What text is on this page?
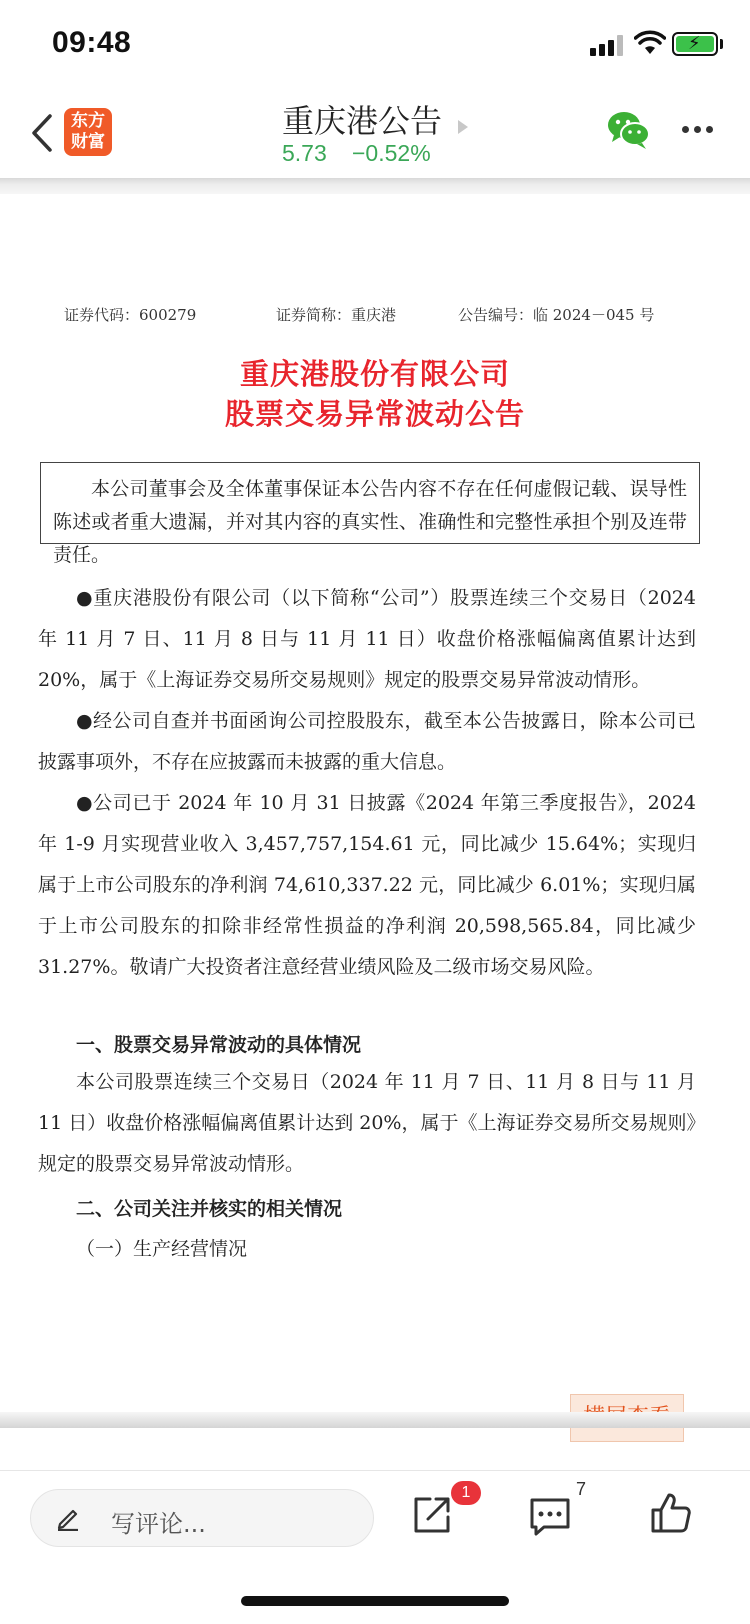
09:48	⚡
东方
财富
重庆港公告
5.73 −0.52%
证券代码：600279	证券简称：重庆港	公告编号：临 2024－045 号
重庆港股份有限公司
股票交易异常波动公告

本公司董事会及全体董事保证本公告内容不存在任何虚假记载、误导性陈述或者重大遗漏，并对其内容的真实性、准确性和完整性承担个别及连带责任。

●重庆港股份有限公司（以下简称“公司”）股票连续三个交易日（2024 年 11 月 7 日、11 月 8 日与 11 月 11 日）收盘价格涨幅偏离值累计达到 20%，属于《上海证券交易所交易规则》规定的股票交易异常波动情形。
●经公司自查并书面函询公司控股股东，截至本公告披露日，除本公司已披露事项外，不存在应披露而未披露的重大信息。
●公司已于 2024 年 10 月 31 日披露《2024 年第三季度报告》，2024 年 1-9 月实现营业收入 3,457,757,154.61 元，同比减少 15.64%；实现归属于上市公司股东的净利润 74,610,337.22 元，同比减少 6.01%；实现归属于上市公司股东的扣除非经常性损益的净利润 20,598,565.84，同比减少 31.27%。敬请广大投资者注意经营业绩风险及二级市场交易风险。
一、股票交易异常波动的具体情况
本公司股票连续三个交易日（2024 年 11 月 7 日、11 月 8 日与 11 月 11 日）收盘价格涨幅偏离值累计达到 20%，属于《上海证券交易所交易规则》规定的股票交易异常波动情形。
二、公司关注并核实的相关情况
（一）生产经营情况
写评论...
1	7
